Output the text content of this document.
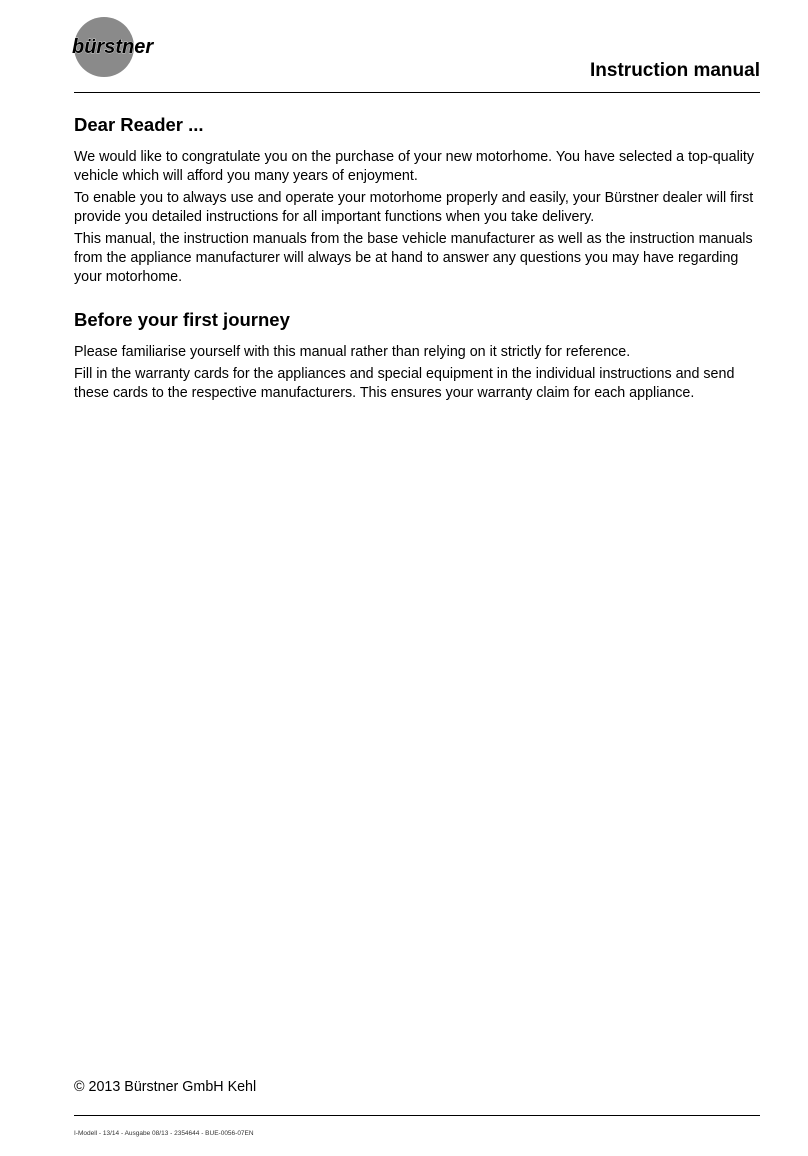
bürstner
Instruction manual
Dear Reader ...

We would like to congratulate you on the purchase of your new motorhome. You have selected a top-quality vehicle which will afford you many years of enjoyment.

To enable you to always use and operate your motorhome properly and easily, your Bürstner dealer will first provide you detailed instructions for all important functions when you take delivery.

This manual, the instruction manuals from the base vehicle manufacturer as well as the instruction manuals from the appliance manufacturer will always be at hand to answer any questions you may have regarding your motorhome.

Before your first journey

Please familiarise yourself with this manual rather than relying on it strictly for reference.

Fill in the warranty cards for the appliances and special equipment in the individual instructions and send these cards to the respective manufacturers. This ensures your warranty claim for each appliance.

© 2013 Bürstner GmbH Kehl
I-Modell - 13/14 - Ausgabe 08/13 - 2354644 - BUE-0056-07EN
